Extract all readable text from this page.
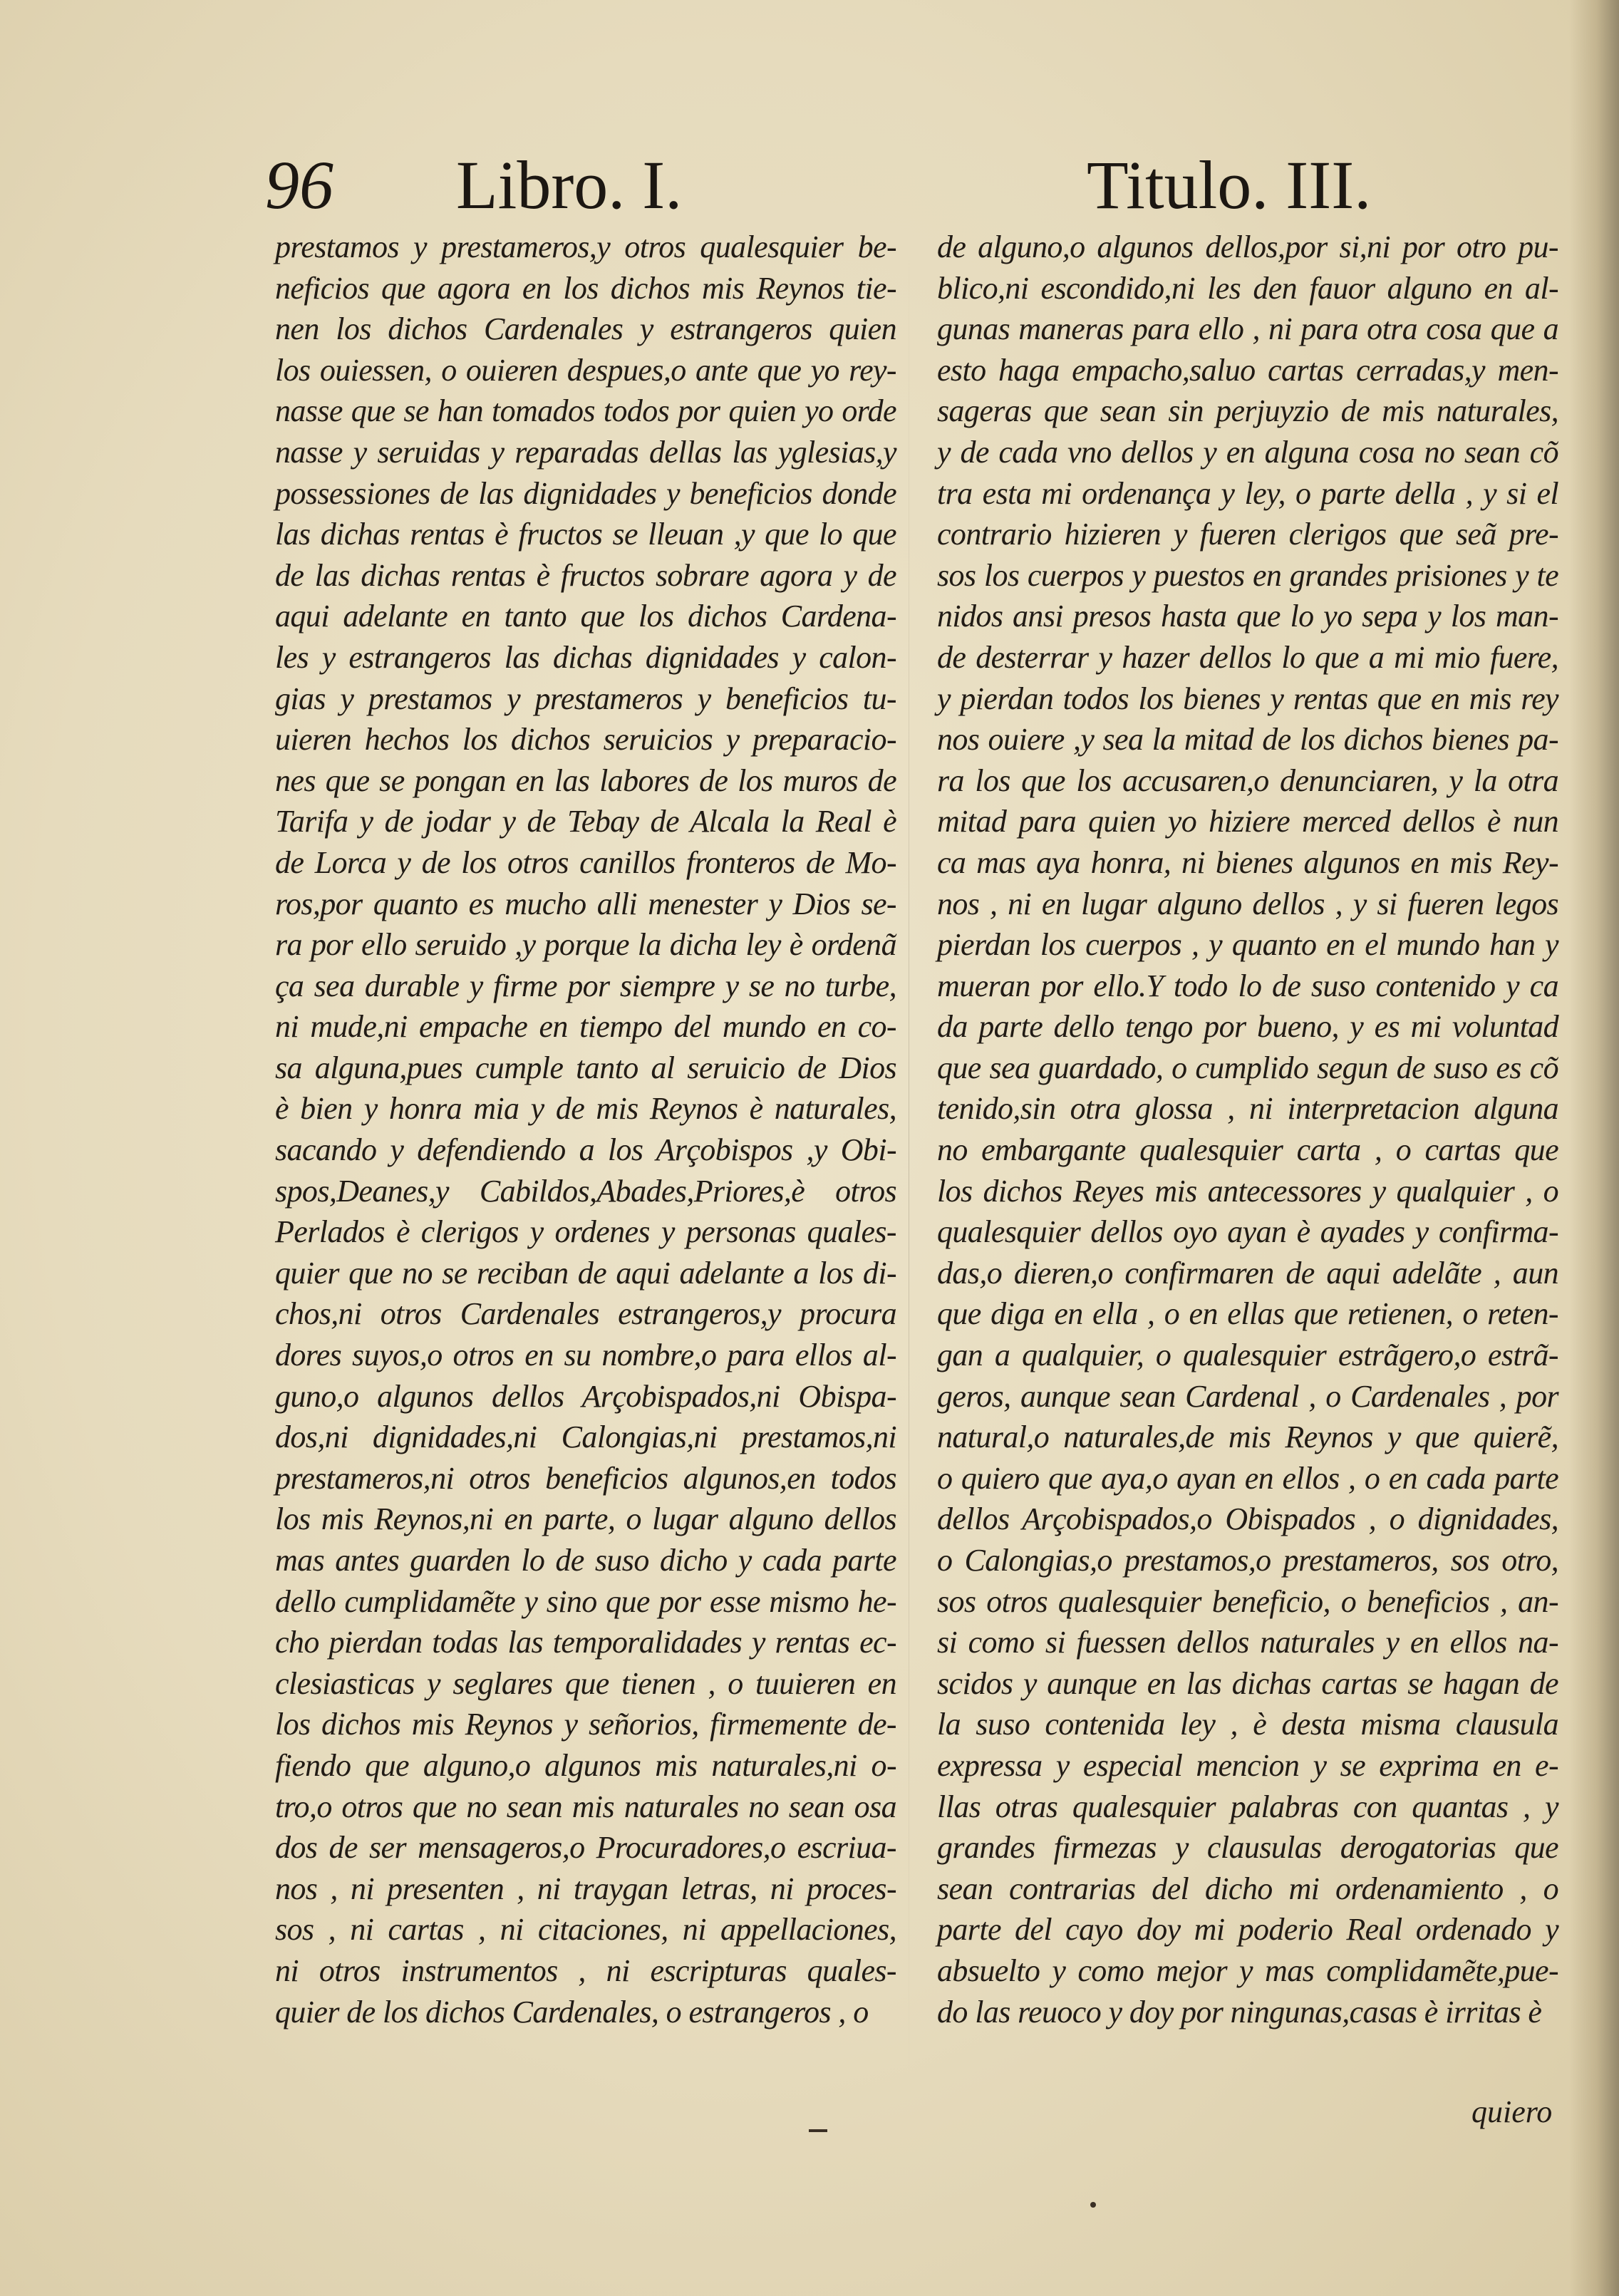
96 Libro. I.	Titulo. III.
prestamos y prestameros,y otros qualesquier be-
neficios que agora en los dichos mis Reynos tie-
nen los dichos Cardenales y estrangeros quien
los ouiessen, o ouieren despues,o ante que yo rey-
nasse que se han tomados todos por quien yo orde
nasse y seruidas y reparadas dellas las yglesias,y
possessiones de las dignidades y beneficios donde
las dichas rentas è fructos se lleuan ,y que lo que
de las dichas rentas è fructos sobrare agora y de
aqui adelante en tanto que los dichos Cardena-
les y estrangeros las dichas dignidades y calon-
gias y prestamos y prestameros y beneficios tu-
uieren hechos los dichos seruicios y preparacio-
nes que se pongan en las labores de los muros de
Tarifa y de jodar y de Tebay de Alcala la Real è
de Lorca y de los otros canillos fronteros de Mo-
ros,por quanto es mucho alli menester y Dios se-
ra por ello seruido ,y porque la dicha ley è ordenã
ça sea durable y firme por siempre y se no turbe,
ni mude,ni empache en tiempo del mundo en co-
sa alguna,pues cumple tanto al seruicio de Dios
è bien y honra mia y de mis Reynos è naturales,
sacando y defendiendo a los Arçobispos ,y Obi-
spos,Deanes,y Cabildos,Abades,Priores,è otros
Perlados è clerigos y ordenes y personas quales-
quier que no se reciban de aqui adelante a los di-
chos,ni otros Cardenales estrangeros,y procura
dores suyos,o otros en su nombre,o para ellos al-
guno,o algunos dellos Arçobispados,ni Obispa-
dos,ni dignidades,ni Calongias,ni prestamos,ni
prestameros,ni otros beneficios algunos,en todos
los mis Reynos,ni en parte, o lugar alguno dellos
mas antes guarden lo de suso dicho y cada parte
dello cumplidamẽte y sino que por esse mismo he-
cho pierdan todas las temporalidades y rentas ec-
clesiasticas y seglares que tienen , o tuuieren en
los dichos mis Reynos y señorios, firmemente de-
fiendo que alguno,o algunos mis naturales,ni o-
tro,o otros que no sean mis naturales no sean osa
dos de ser mensageros,o Procuradores,o escriua-
nos , ni presenten , ni traygan letras, ni proces-
sos , ni cartas , ni citaciones, ni appellaciones,
ni otros instrumentos , ni escripturas quales-
quier de los dichos Cardenales, o estrangeros , o
de alguno,o algunos dellos,por si,ni por otro pu-
blico,ni escondido,ni les den fauor alguno en al-
gunas maneras para ello , ni para otra cosa que a
esto haga empacho,saluo cartas cerradas,y men-
sageras que sean sin perjuyzio de mis naturales,
y de cada vno dellos y en alguna cosa no sean cõ
tra esta mi ordenança y ley, o parte della , y si el
contrario hizieren y fueren clerigos que seã pre-
sos los cuerpos y puestos en grandes prisiones y te
nidos ansi presos hasta que lo yo sepa y los man-
de desterrar y hazer dellos lo que a mi mio fuere,
y pierdan todos los bienes y rentas que en mis rey
nos ouiere ,y sea la mitad de los dichos bienes pa-
ra los que los accusaren,o denunciaren, y la otra
mitad para quien yo hiziere merced dellos è nun
ca mas aya honra, ni bienes algunos en mis Rey-
nos , ni en lugar alguno dellos , y si fueren legos
pierdan los cuerpos , y quanto en el mundo han y
mueran por ello.Y todo lo de suso contenido y ca
da parte dello tengo por bueno, y es mi voluntad
que sea guardado, o cumplido segun de suso es cõ
tenido,sin otra glossa , ni interpretacion alguna
no embargante qualesquier carta , o cartas que
los dichos Reyes mis antecessores y qualquier , o
qualesquier dellos oyo ayan è ayades y confirma-
das,o dieren,o confirmaren de aqui adelãte , aun
que diga en ella , o en ellas que retienen, o reten-
gan a qualquier, o qualesquier estrãgero,o estrã-
geros, aunque sean Cardenal , o Cardenales , por
natural,o naturales,de mis Reynos y que quierẽ,
o quiero que aya,o ayan en ellos , o en cada parte
dellos Arçobispados,o Obispados , o dignidades,
o Calongias,o prestamos,o prestameros, sos otro,
sos otros qualesquier beneficio, o beneficios , an-
si como si fuessen dellos naturales y en ellos na-
scidos y aunque en las dichas cartas se hagan de
la suso contenida ley , è desta misma clausula
expressa y especial mencion y se exprima en e-
llas otras qualesquier palabras con quantas , y
grandes firmezas y clausulas derogatorias que
sean contrarias del dicho mi ordenamiento , o
parte del cayo doy mi poderio Real ordenado y
absuelto y como mejor y mas complidamẽte,pue-
do las reuoco y doy por ningunas,casas è irritas è
quiero
